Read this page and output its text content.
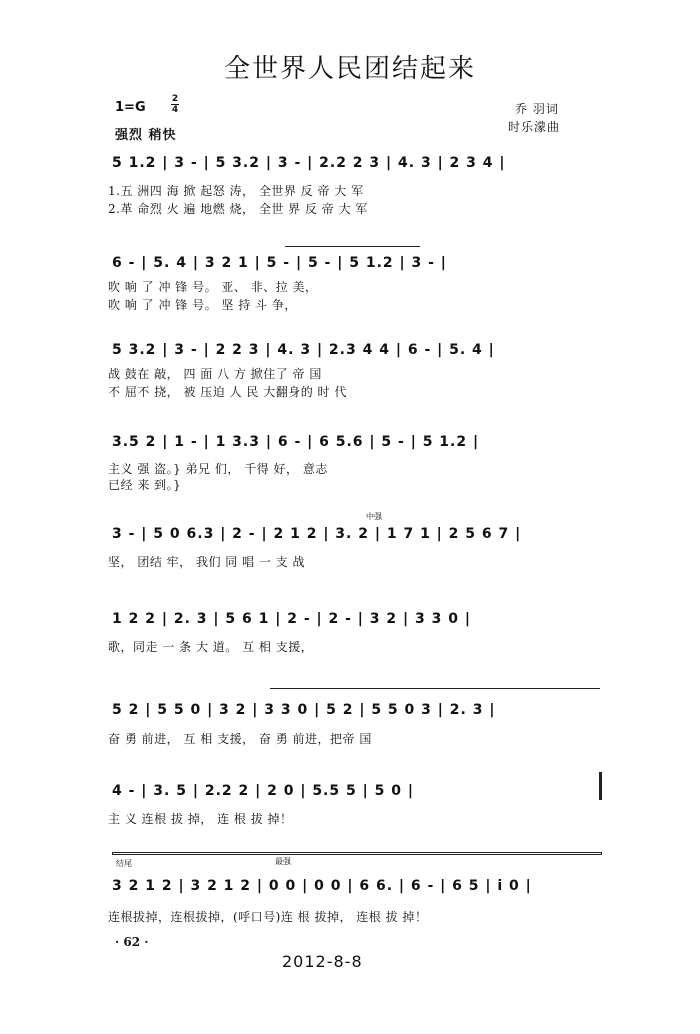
全世界人民团结起来
1=G
2
4
强烈 稍快
乔 羽词
时乐濛曲
5 1.2 | 3 - | 5 3.2 | 3 - | 2.2 2 3 | 4. 3 | 2 3 4 |
1.五 洲四 海 掀 起怒 涛， 全世界 反 帝 大 军
2.革 命烈 火 遍 地燃 烧， 全世 界 反 帝 大 军
6 - | 5. 4 | 3 2 1 | 5 - | 5 - | 5 1.2 | 3 - |
吹 响 了 冲 锋 号。 亚、 非、拉 美，
吹 响 了 冲 锋 号。 坚 持 斗 争，
5 3.2 | 3 - | 2 2 3 | 4. 3 | 2.3 4 4 | 6 - | 5. 4 |
战 鼓在 敲， 四 面 八 方 掀住了 帝 国
不 屈不 挠， 被 压迫 人 民 大翻身的 时 代
3.5 2 | 1 - | 1 3.3 | 6 - | 6 5.6 | 5 - | 5 1.2 |
主义 强 盗。} 弟兄 们， 千得 好， 意志
已经 来 到。}
中强
3 - | 5 0 6.3 | 2 - | 2 1 2 | 3. 2 | 1 7 1 | 2 5 6 7 |
坚， 团结 牢， 我们 同 唱 一 支 战
1 2 2 | 2. 3 | 5 6 1 | 2 - | 2 - | 3 2 | 3 3 0 |
歌，同走 一 条 大 道。 互 相 支援，
5 2 | 5 5 0 | 3 2 | 3 3 0 | 5 2 | 5 5 0 3 | 2. 3 |
奋 勇 前进， 互 相 支援， 奋 勇 前进，把帝 国
4 - | 3. 5 | 2.2 2 | 2 0 | 5.5 5 | 5 0 |
主 义 连根 拔 掉， 连 根 拔 掉！
结尾	最强
3 2 1 2 | 3 2 1 2 | 0 0 | 0 0 | 6 6. | 6 - | 6 5 | i 0 |
连根拔掉，连根拔掉，(呼口号)连 根 拔掉， 连根 拔 掉！
· 62 ·
2012-8-8
